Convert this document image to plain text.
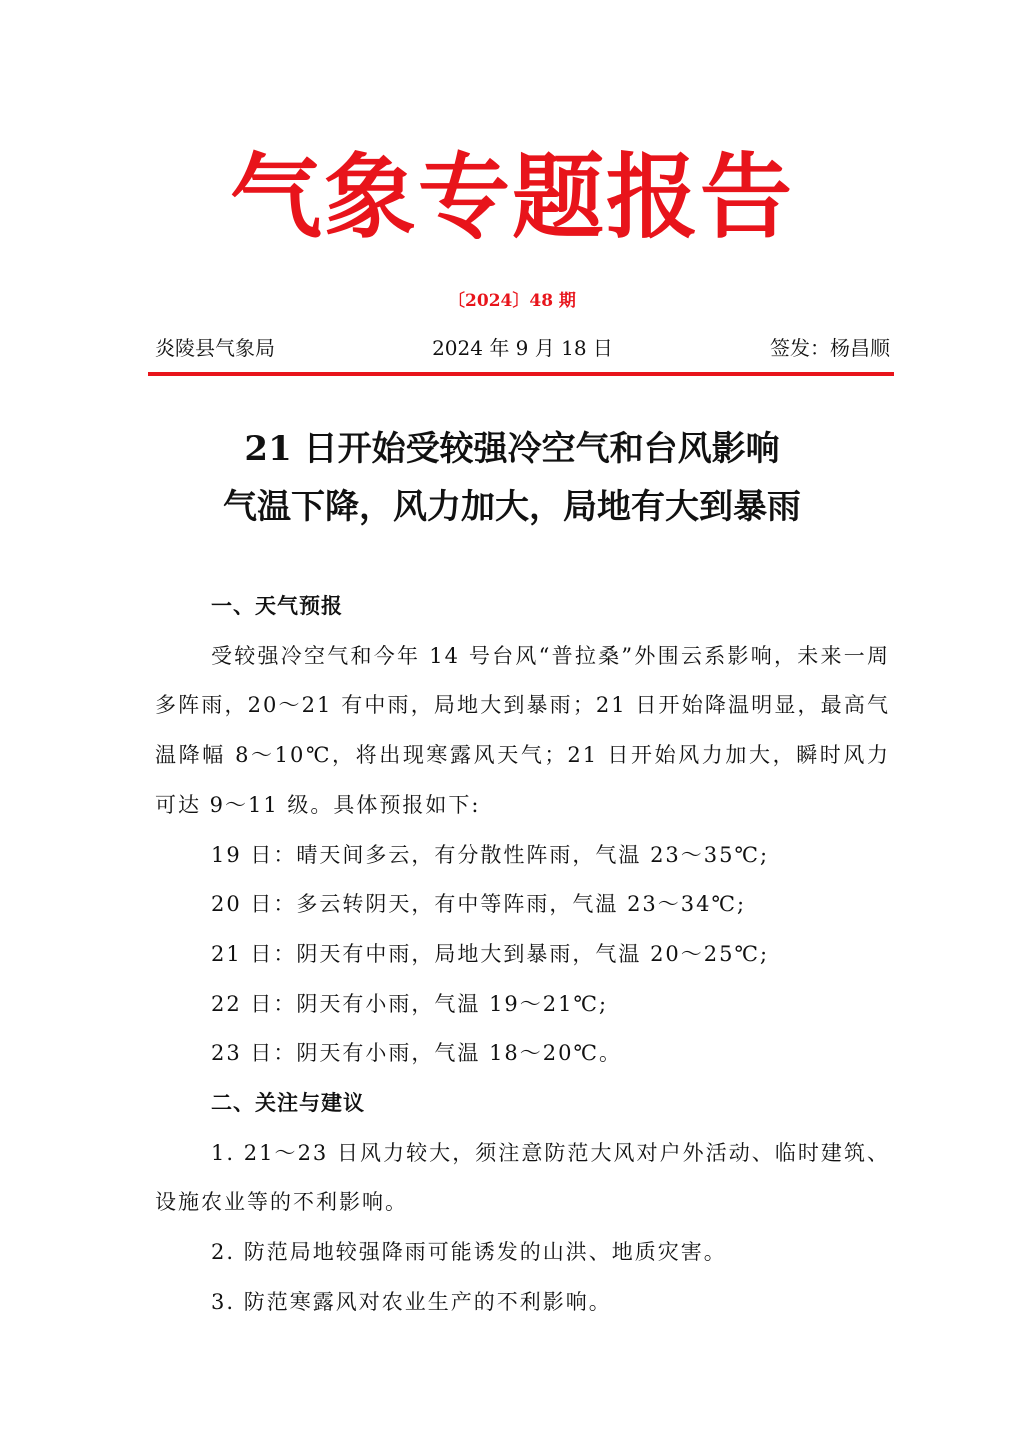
气象专题报告
〔2024〕48 期
炎陵县气象局	2024 年 9 月 18 日	签发：杨昌顺
21 日开始受较强冷空气和台风影响
气温下降，风力加大，局地有大到暴雨
一、天气预报
受较强冷空气和今年 14 号台风“普拉桑”外围云系影响，未来一周多阵雨，20～21 有中雨，局地大到暴雨；21 日开始降温明显，最高气温降幅 8～10℃，将出现寒露风天气；21 日开始风力加大，瞬时风力可达 9～11 级。具体预报如下:
19 日：晴天间多云，有分散性阵雨，气温 23～35℃;
20 日：多云转阴天，有中等阵雨，气温 23～34℃;
21 日：阴天有中雨，局地大到暴雨，气温 20～25℃;
22 日：阴天有小雨，气温 19～21℃;
23 日：阴天有小雨，气温 18～20℃。
二、关注与建议
1. 21～23 日风力较大，须注意防范大风对户外活动、临时建筑、设施农业等的不利影响。
2. 防范局地较强降雨可能诱发的山洪、地质灾害。
3. 防范寒露风对农业生产的不利影响。
